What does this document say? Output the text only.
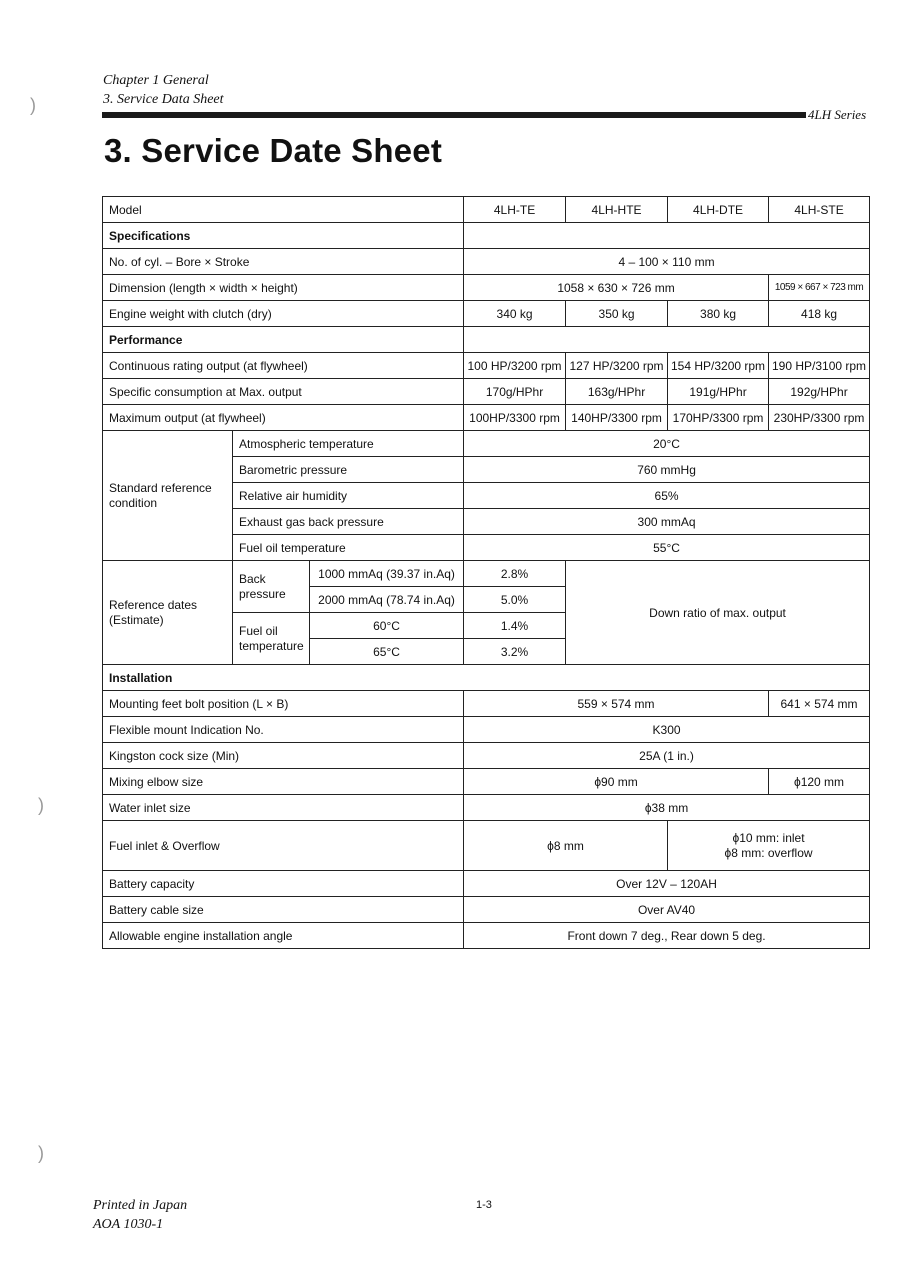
Chapter 1 General
3. Service Data Sheet
4LH Series
3. Service Date Sheet
)
)
)
Model			4LH-TE	4LH-HTE	4LH-DTE	4LH-STE
Specifications						
No. of cyl. – Bore × Stroke			4 – 100 × 110 mm			
Dimension (length × width × height)			1058 × 630 × 726 mm			1059 × 667 × 723 mm
Engine weight with clutch (dry)			340 kg	350 kg	380 kg	418 kg
Performance						
Continuous rating output (at flywheel)			100 HP/3200 rpm	127 HP/3200 rpm	154 HP/3200 rpm	190 HP/3100 rpm
Specific consumption at Max. output			170g/HPhr	163g/HPhr	191g/HPhr	192g/HPhr
Maximum output (at flywheel)			100HP/3300 rpm	140HP/3300 rpm	170HP/3300 rpm	230HP/3300 rpm
Standard reference condition	Atmospheric temperature		20°C			
	Barometric pressure		760 mmHg			
	Relative air humidity		65%			
	Exhaust gas back pressure		300 mmAq			
	Fuel oil temperature		55°C			
Reference dates (Estimate)	Back pressure	1000 mmAq (39.37 in.Aq)	2.8%	Down ratio of max. output		
		2000 mmAq (78.74 in.Aq)	5.0%			
	Fuel oil temperature	60°C	1.4%			
		65°C	3.2%			
Installation						
Mounting feet bolt position (L × B)			559 × 574 mm			641 × 574 mm
Flexible mount Indication No.			K300			
Kingston cock size (Min)			25A (1 in.)			
Mixing elbow size			ϕ90 mm			ϕ120 mm
Water inlet size			ϕ38 mm			
Fuel inlet & Overflow			ϕ8 mm		ϕ10 mm: inlet
ϕ8 mm: overflow	

Battery capacity			Over 12V – 120AH			
Battery cable size			Over AV40			
Allowable engine installation angle			Front down 7 deg., Rear down 5 deg.			
Printed in Japan
AOA 1030-1
1-3
